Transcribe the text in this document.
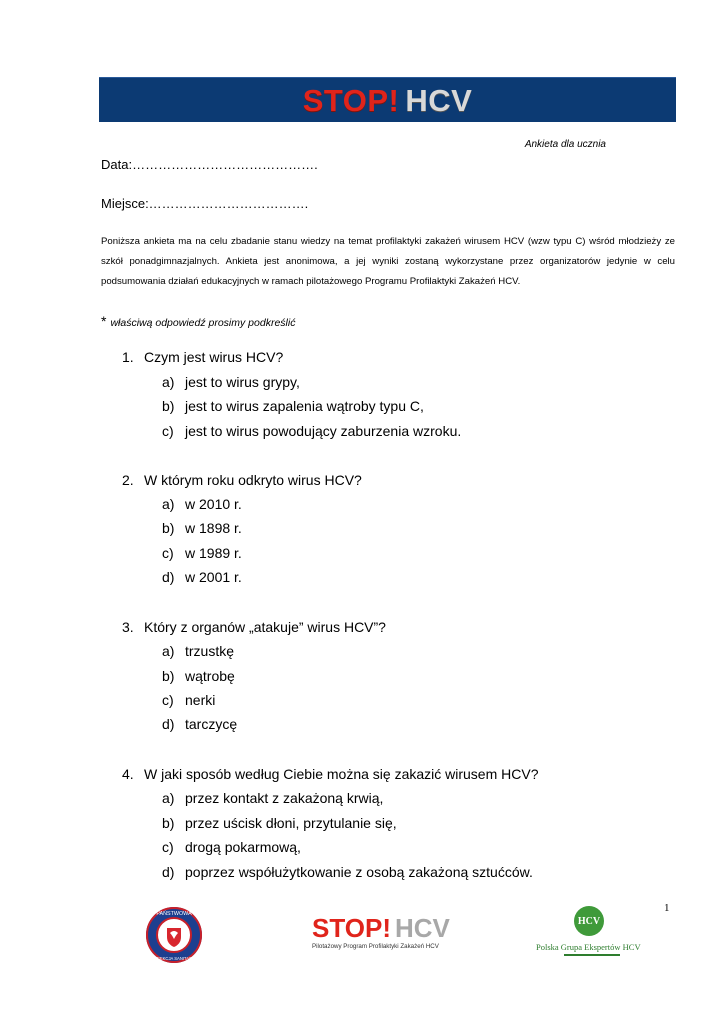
STOP! HCV
Ankieta dla ucznia
Data:…………………………………….
Miejsce:……………………………….
Poniższa ankieta ma na celu zbadanie stanu wiedzy na temat profilaktyki zakażeń wirusem HCV (wzw typu C) wśród młodzieży ze szkół ponadgimnazjalnych. Ankieta jest anonimowa, a jej wyniki zostaną wykorzystane przez organizatorów jedynie w celu podsumowania działań edukacyjnych w ramach pilotażowego Programu Profilaktyki Zakażeń HCV.
* właściwą odpowiedź prosimy podkreślić
1. Czym jest wirus HCV?
a) jest to wirus grypy,
b) jest to wirus zapalenia wątroby typu C,
c) jest to wirus powodujący zaburzenia wzroku.
2. W którym roku odkryto wirus HCV?
a) w 2010 r.
b) w 1898 r.
c) w 1989 r.
d) w 2001 r.
3. Który z organów „atakuje” wirus HCV”?
a) trzustkę
b) wątrobę
c) nerki
d) tarczycę
4. W jaki sposób według Ciebie można się zakazić wirusem HCV?
a) przez kontakt z zakażoną krwią,
b) przez uścisk dłoni, przytulanie się,
c) drogą pokarmową,
d) poprzez współużytkowanie z osobą zakażoną sztućców.
1
PAŃSTWOWA
INSPEKCJA SANITARNA
STOP! HCV
Pilotażowy Program Profilaktyki Zakażeń HCV
HCV
Polska Grupa Ekspertów HCV
